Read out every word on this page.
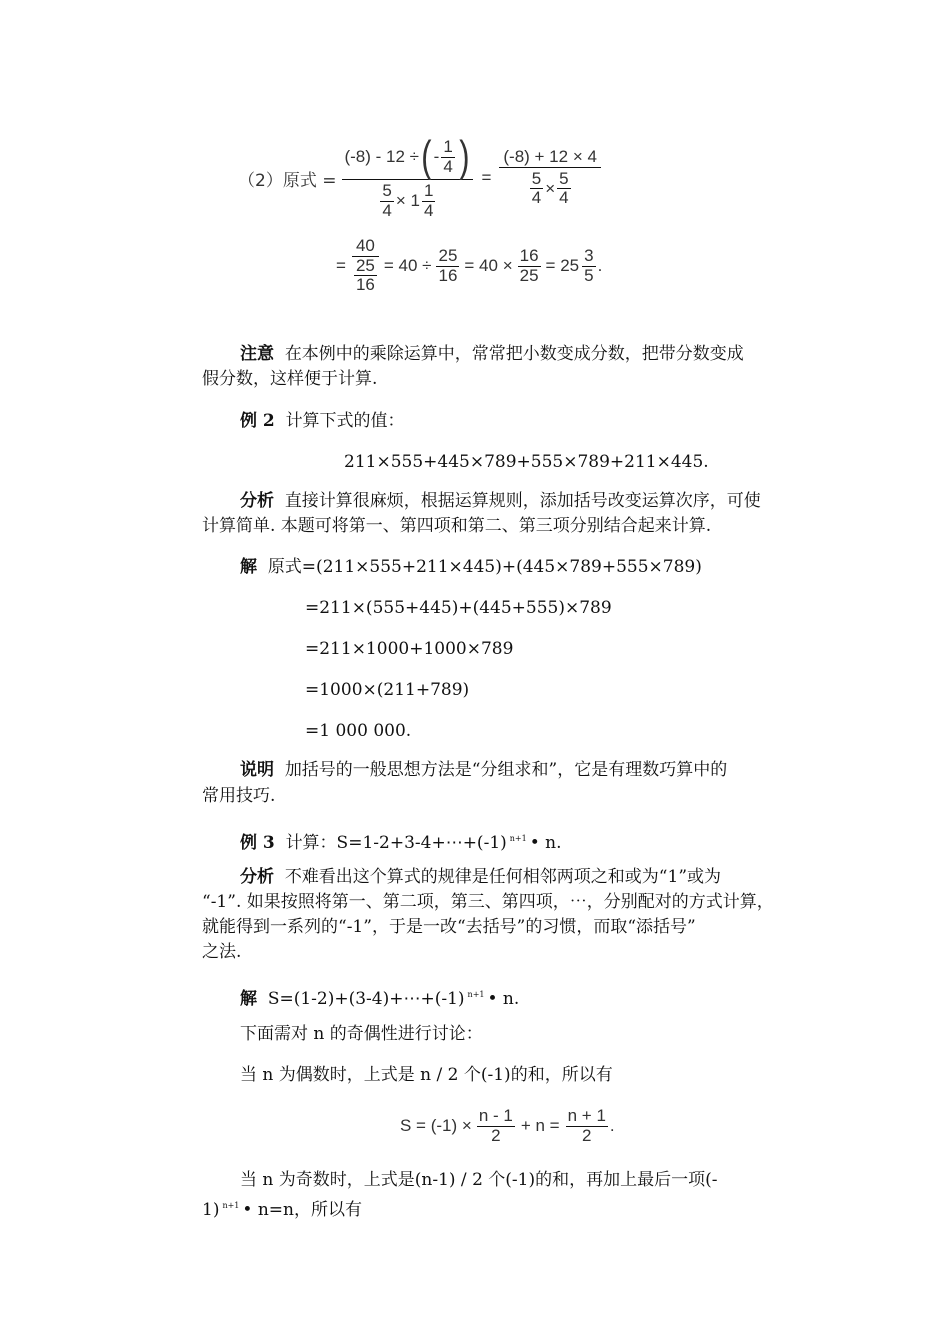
（2）原式 =
(-8) - 12 ÷ ( - $\frac{1}{4}$ )
$\frac{5}{4} \times 1 \frac{1}{4}$
=
(-8) + 12 × 4
$\frac{5}{4} \times \frac{5}{4}$
= $\frac{40}{\frac{25}{16}} = 40 \div \frac{25}{16} = 40 \times \frac{16}{25} = 25 \frac{3}{5}$ .
注意 在本例中的乘除运算中，常常把小数变成分数，把带分数变成
假分数，这样便于计算.
例 2 计算下式的值：
211×555+445×789+555×789+211×445.
分析 直接计算很麻烦，根据运算规则，添加括号改变运算次序，可使
计算简单. 本题可将第一、第四项和第二、第三项分别结合起来计算.
解 原式=(211×555+211×445)+(445×789+555×789)
=211×(555+445)+(445+555)×789
=211×1000+1000×789
=1000×(211+789)
=1 000 000.
说明 加括号的一般思想方法是“分组求和”，它是有理数巧算中的
常用技巧.
例 3 计算：S=1-2+3-4+⋯+(-1) $^{n+1}$ • n.
分析 不难看出这个算式的规律是任何相邻两项之和或为“1”或为
“-1”. 如果按照将第一、第二项，第三、第四项，⋯，分别配对的方式计算，
就能得到一系列的“-1”，于是一改“去括号”的习惯，而取“添括号”
之法.
解 S=(1-2)+(3-4)+⋯+(-1) $^{n+1}$ • n.
下面需对 n 的奇偶性进行讨论：
当 n 为偶数时，上式是 n / 2 个(-1)的和，所以有
$S = (-1) \times \frac{n - 1}{2} + n = \frac{n + 1}{2}$ .
当 n 为奇数时，上式是(n-1) / 2 个(-1)的和，再加上最后一项(-
1) $^{n+1}$ • n=n，所以有
